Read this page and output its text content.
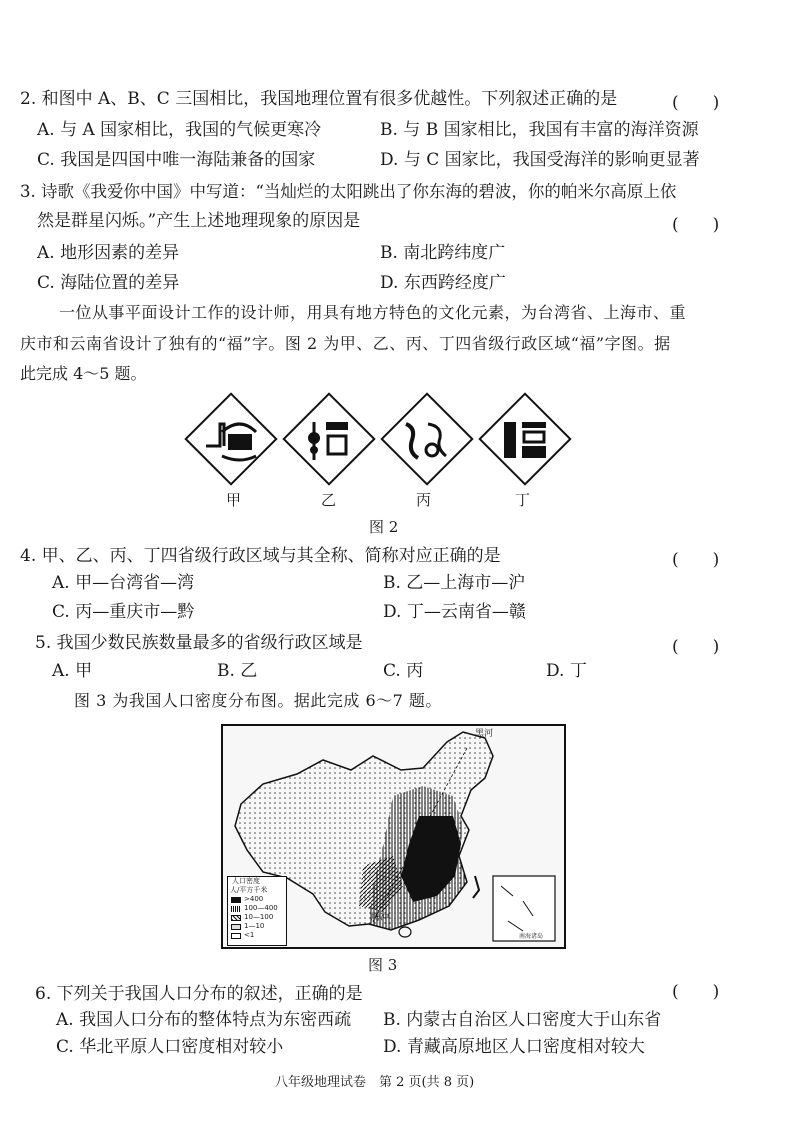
2. 和图中 A、B、C 三国相比，我国地理位置有很多优越性。下列叙述正确的是	(　　)
A. 与 A 国家相比，我国的气候更寒冷	B. 与 B 国家相比，我国有丰富的海洋资源
C. 我国是四国中唯一海陆兼备的国家	D. 与 C 国家比，我国受海洋的影响更显著
3. 诗歌《我爱你中国》中写道：“当灿烂的太阳跳出了你东海的碧波，你的帕米尔高原上依
然是群星闪烁。”产生上述地理现象的原因是	(　　)
A. 地形因素的差异	B. 南北跨纬度广
C. 海陆位置的差异	D. 东西跨经度广
一位从事平面设计工作的设计师，用具有地方特色的文化元素，为台湾省、上海市、重
庆市和云南省设计了独有的“福”字。图 2 为甲、乙、丙、丁四省级行政区域“福”字图。据
此完成 4～5 题。
甲	乙	丙	丁
图 2
4. 甲、乙、丙、丁四省级行政区域与其全称、简称对应正确的是	(　　)
A. 甲—台湾省—湾	B. 乙—上海市—沪
C. 丙—重庆市—黔	D. 丁—云南省—赣
5. 我国少数民族数量最多的省级行政区域是	(　　)
A. 甲	B. 乙	C. 丙	D. 丁
图 3 为我国人口密度分布图。据此完成 6～7 题。
黑河
腾冲
南海诸岛
人口密度
人/平方千米
>400
100—400
10—100
1—10
<1
图 3
6. 下列关于我国人口分布的叙述，正确的是	(　　)
A. 我国人口分布的整体特点为东密西疏 B. 内蒙古自治区人口密度大于山东省
C. 华北平原人口密度相对较小	D. 青藏高原地区人口密度相对较大
八年级地理试卷　第 2 页(共 8 页)
